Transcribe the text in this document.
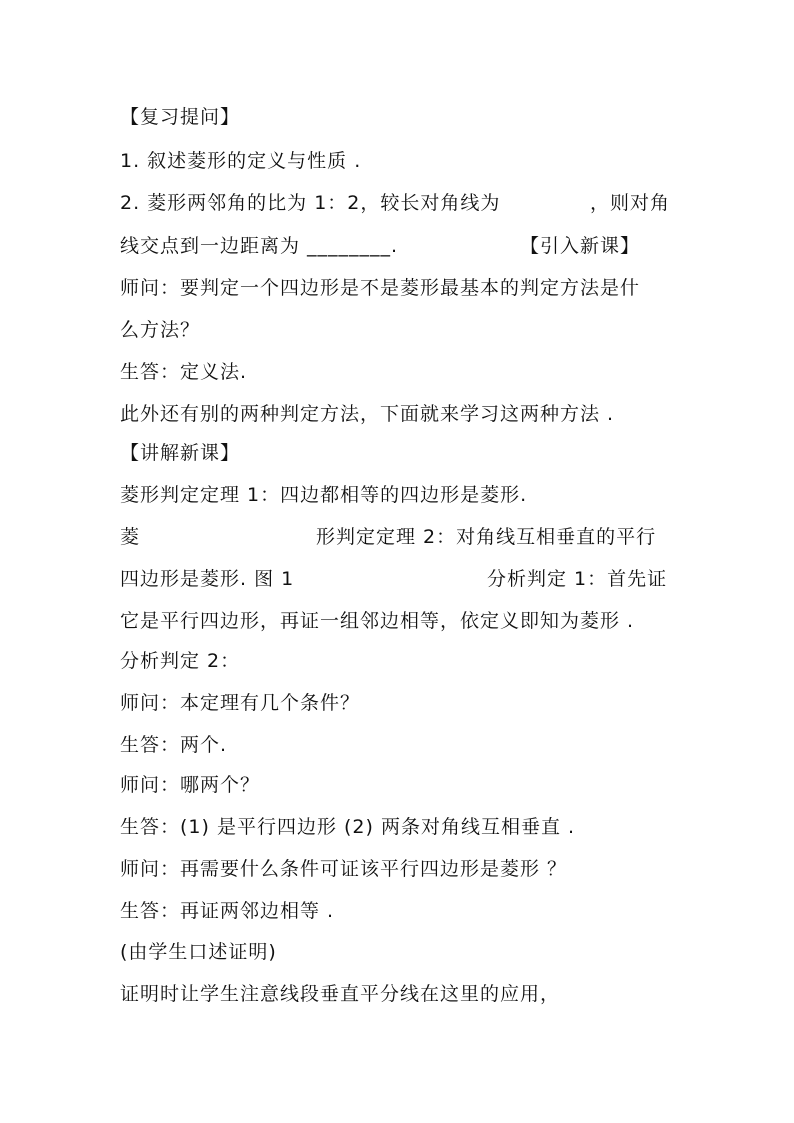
【复习提问】
1. 叙述菱形的定义与性质 .
2. 菱形两邻角的比为 1：2，较长对角线为	，则对角
线交点到一边距离为 ________.	【引入新课】
师问：要判定一个四边形是不是菱形最基本的判定方法是什
么方法？
生答：定义法.
此外还有别的两种判定方法，下面就来学习这两种方法 .
【讲解新课】
菱形判定定理 1：四边都相等的四边形是菱形.
菱	形判定定理 2：对角线互相垂直的平行
四边形是菱形. 图 1	分析判定 1：首先证
它是平行四边形，再证一组邻边相等，依定义即知为菱形 .
分析判定 2：
师问：本定理有几个条件？
生答：两个.
师问：哪两个？
生答：(1) 是平行四边形 (2) 两条对角线互相垂直 .
师问：再需要什么条件可证该平行四边形是菱形 ？
生答：再证两邻边相等 .
(由学生口述证明)
证明时让学生注意线段垂直平分线在这里的应用，
